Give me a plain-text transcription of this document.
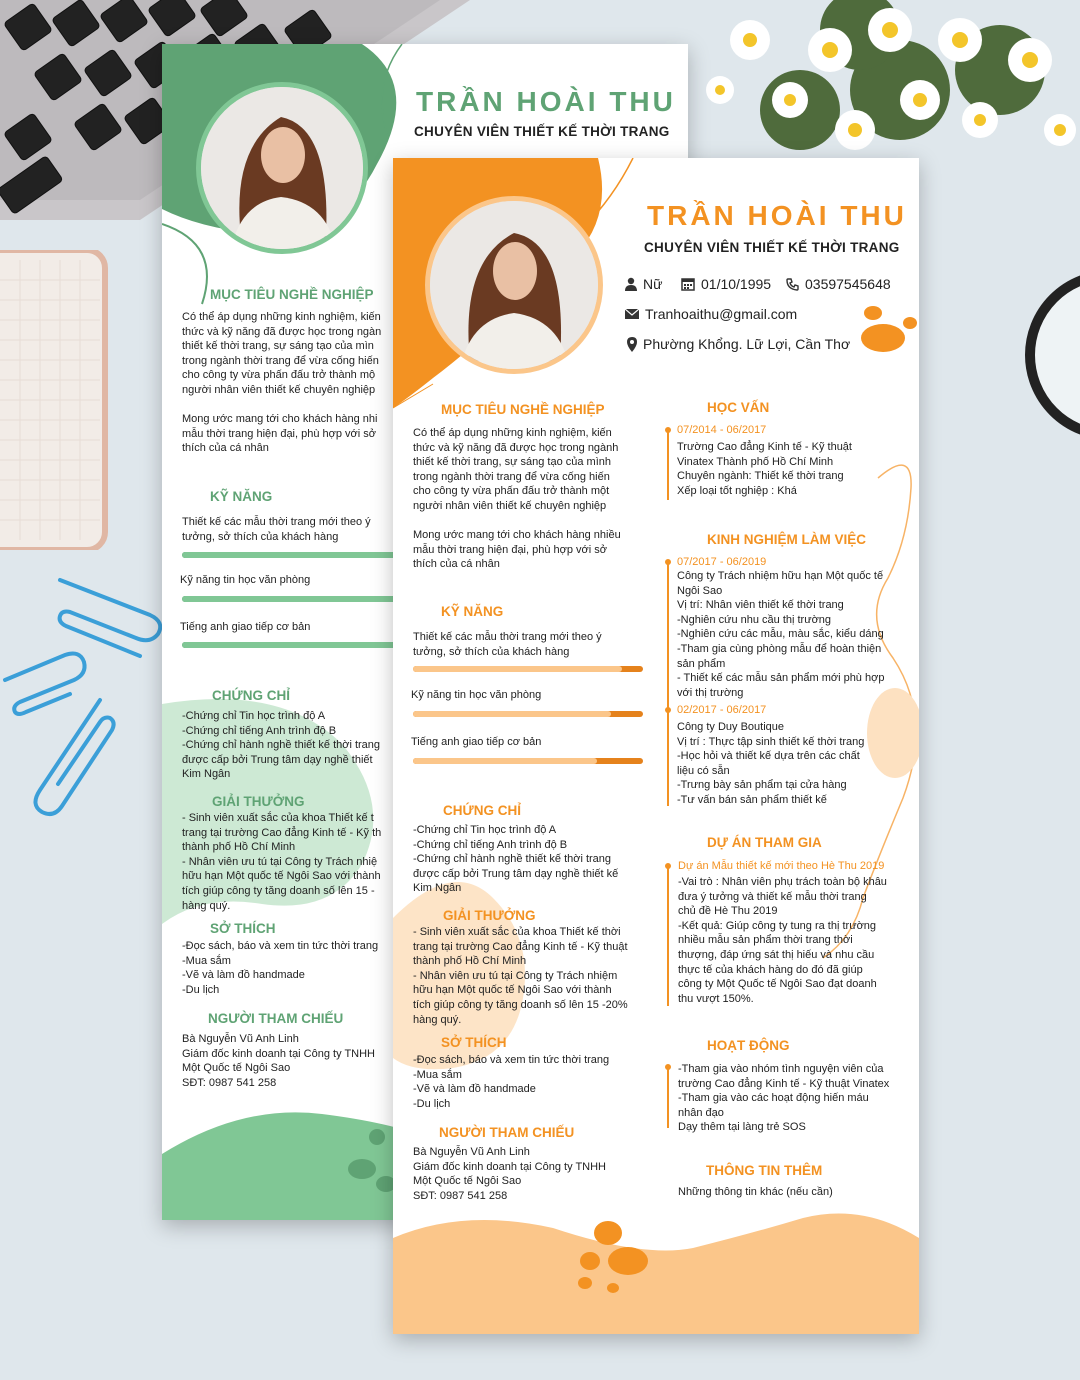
TRẦN HOÀI THU
CHUYÊN VIÊN THIẾT KẾ THỜI TRANG
MỤC TIÊU NGHỀ NGHIỆP
Có thể áp dụng những kinh nghiệm, kiến
thức và kỹ năng đã được học trong ngàn
thiết kế thời trang, sự sáng tạo của mìn
trong ngành thời trang để vừa cống hiến
cho công ty vừa phấn đấu trở thành mộ
người nhân viên thiết kế chuyên nghiệp

Mong ước mang tới cho khách hàng nhi
mẫu thời trang hiện đại, phù hợp với sở
thích của cá nhân
KỸ NĂNG
Thiết kế các mẫu thời trang mới theo ý
tưởng, sở thích của khách hàng
Kỹ năng tin học văn phòng
Tiếng anh giao tiếp cơ bản
CHỨNG CHỈ
-Chứng chỉ Tin học trình độ A
-Chứng chỉ tiếng Anh trình độ B
-Chứng chỉ hành nghề thiết kế thời trang
được cấp bởi Trung tâm dạy nghề thiết
Kim Ngân
GIẢI THƯỞNG
- Sinh viên xuất sắc của khoa Thiết kế t
trang tại trường Cao đẳng Kinh tế - Kỹ th
thành phố Hồ Chí Minh
- Nhân viên ưu tú tại Công ty Trách nhiệ
hữu hạn Một quốc tế Ngôi Sao với thành
tích giúp công ty tăng doanh số lên 15 -
hàng quý.
SỞ THÍCH
-Đọc sách, báo và xem tin tức thời trang
-Mua sắm
-Vẽ và làm đồ handmade
-Du lịch
NGƯỜI THAM CHIẾU
Bà Nguyễn Vũ Anh Linh
Giám đốc kinh doanh tại Công ty TNHH
Một Quốc tế Ngôi Sao
SĐT: 0987 541 258
TRẦN HOÀI THU
CHUYÊN VIÊN THIẾT KẾ THỜI TRANG
Nữ	01/10/1995 03597545648
Tranhoaithu@gmail.com
Phường Khổng. Lữ Lợi, Cần Thơ
MỤC TIÊU NGHỀ NGHIỆP
Có thể áp dụng những kinh nghiệm, kiến
thức và kỹ năng đã được học trong ngành
thiết kế thời trang, sự sáng tạo của mình
trong ngành thời trang để vừa cống hiến
cho công ty vừa phấn đấu trở thành một
người nhân viên thiết kế chuyên nghiệp

Mong ước mang tới cho khách hàng nhiều
mẫu thời trang hiện đại, phù hợp với sở
thích của cá nhân
KỸ NĂNG
Thiết kế các mẫu thời trang mới theo ý
tưởng, sở thích của khách hàng
Kỹ năng tin học văn phòng
Tiếng anh giao tiếp cơ bản
CHỨNG CHỈ
-Chứng chỉ Tin học trình độ A
-Chứng chỉ tiếng Anh trình độ B
-Chứng chỉ hành nghề thiết kế thời trang
được cấp bởi Trung tâm dạy nghề thiết kế
Kim Ngân
GIẢI THƯỞNG
- Sinh viên xuất sắc của khoa Thiết kế thời
trang tại trường Cao đẳng Kinh tế - Kỹ thuật
thành phố Hồ Chí Minh
- Nhân viên ưu tú tại Công ty Trách nhiệm
hữu hạn Một quốc tế Ngôi Sao với thành
tích giúp công ty tăng doanh số lên 15 -20%
hàng quý.
SỞ THÍCH
-Đọc sách, báo và xem tin tức thời trang
-Mua sắm
-Vẽ và làm đồ handmade
-Du lịch
NGƯỜI THAM CHIẾU
Bà Nguyễn Vũ Anh Linh
Giám đốc kinh doanh tại Công ty TNHH
Một Quốc tế Ngôi Sao
SĐT: 0987 541 258
HỌC VẤN
07/2014 - 06/2017
Trường Cao đẳng Kinh tế - Kỹ thuật
Vinatex Thành phố Hồ Chí Minh
Chuyên ngành: Thiết kế thời trang
Xếp loại tốt nghiệp : Khá
KINH NGHIỆM LÀM VIỆC
07/2017 - 06/2019
Công ty Trách nhiệm hữu hạn Một quốc tế
Ngôi Sao
Vị trí: Nhân viên thiết kế thời trang
-Nghiên cứu nhu cầu thị trường
-Nghiên cứu các mẫu, màu sắc, kiểu dáng
-Tham gia cùng phòng mẫu để hoàn thiện
sản phẩm
- Thiết kế các mẫu sản phẩm mới phù hợp
với thị trường
02/2017 - 06/2017
Công ty Duy Boutique
Vị trí : Thực tập sinh thiết kế thời trang
-Học hỏi và thiết kế dựa trên các chất
liệu có sẵn
-Trưng bày sản phẩm tại cửa hàng
-Tư vấn bán sản phẩm thiết kế
DỰ ÁN THAM GIA
Dự án Mẫu thiết kế mới theo Hè Thu 2019
-Vai trò : Nhân viên phụ trách toàn bộ khâu
đưa ý tưởng và thiết kế mẫu thời trang
chủ đề Hè Thu 2019
-Kết quả: Giúp công ty tung ra thị trường
nhiều mẫu sản phẩm thời trang thời
thượng, đáp ứng sát thị hiếu và nhu cầu
thực tế của khách hàng do đó đã giúp
công ty Một Quốc tế Ngôi Sao đạt doanh
thu vượt 150%.
HOẠT ĐỘNG
-Tham gia vào nhóm tình nguyện viên của
trường Cao đẳng Kinh tế - Kỹ thuật Vinatex
-Tham gia vào các hoạt động hiến máu
nhân đạo
Dạy thêm tại làng trẻ SOS
THÔNG TIN THÊM
Những thông tin khác (nếu cần)
